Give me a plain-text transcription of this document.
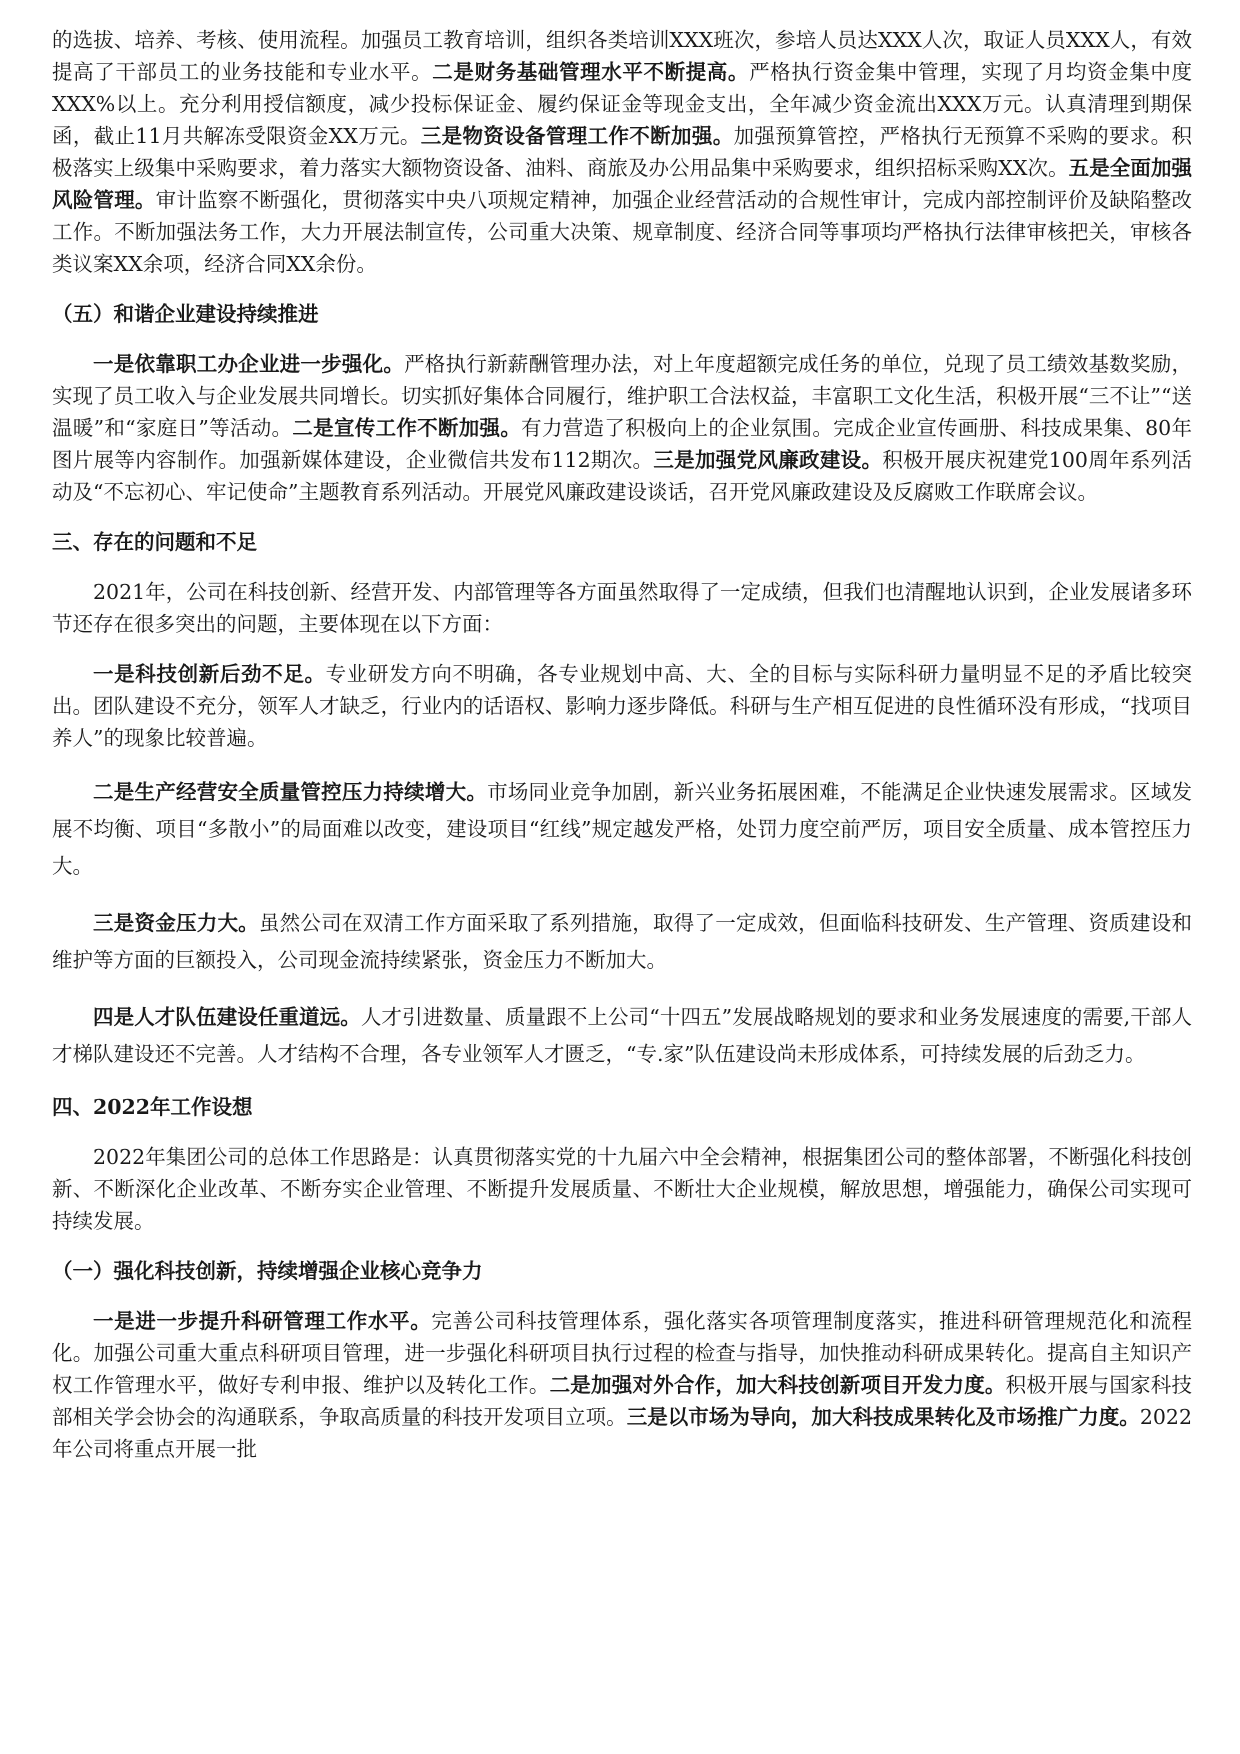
的选拔、培养、考核、使用流程。加强员工教育培训，组织各类培训XXX班次，参培人员达XXX人次，取证人员XXX人，有效提高了干部员工的业务技能和专业水平。二是财务基础管理水平不断提高。严格执行资金集中管理，实现了月均资金集中度XXX%以上。充分利用授信额度，减少投标保证金、履约保证金等现金支出，全年减少资金流出XXX万元。认真清理到期保函，截止11月共解冻受限资金XX万元。三是物资设备管理工作不断加强。加强预算管控，严格执行无预算不采购的要求。积极落实上级集中采购要求，着力落实大额物资设备、油料、商旅及办公用品集中采购要求，组织招标采购XX次。五是全面加强风险管理。审计监察不断强化，贯彻落实中央八项规定精神，加强企业经营活动的合规性审计，完成内部控制评价及缺陷整改工作。不断加强法务工作，大力开展法制宣传，公司重大决策、规章制度、经济合同等事项均严格执行法律审核把关，审核各类议案XX余项，经济合同XX余份。

（五）和谐企业建设持续推进

一是依靠职工办企业进一步强化。严格执行新薪酬管理办法，对上年度超额完成任务的单位，兑现了员工绩效基数奖励，实现了员工收入与企业发展共同增长。切实抓好集体合同履行，维护职工合法权益，丰富职工文化生活，积极开展“三不让”“送温暖”和“家庭日”等活动。二是宣传工作不断加强。有力营造了积极向上的企业氛围。完成企业宣传画册、科技成果集、80年图片展等内容制作。加强新媒体建设，企业微信共发布112期次。三是加强党风廉政建设。积极开展庆祝建党100周年系列活动及“不忘初心、牢记使命”主题教育系列活动。开展党风廉政建设谈话，召开党风廉政建设及反腐败工作联席会议。

三、存在的问题和不足

2021年，公司在科技创新、经营开发、内部管理等各方面虽然取得了一定成绩，但我们也清醒地认识到，企业发展诸多环节还存在很多突出的问题，主要体现在以下方面：

一是科技创新后劲不足。专业研发方向不明确，各专业规划中高、大、全的目标与实际科研力量明显不足的矛盾比较突出。团队建设不充分，领军人才缺乏，行业内的话语权、影响力逐步降低。科研与生产相互促进的良性循环没有形成，“找项目养人”的现象比较普遍。

二是生产经营安全质量管控压力持续增大。市场同业竞争加剧，新兴业务拓展困难，不能满足企业快速发展需求。区域发展不均衡、项目“多散小”的局面难以改变，建设项目“红线”规定越发严格，处罚力度空前严厉，项目安全质量、成本管控压力大。

三是资金压力大。虽然公司在双清工作方面采取了系列措施，取得了一定成效，但面临科技研发、生产管理、资质建设和维护等方面的巨额投入，公司现金流持续紧张，资金压力不断加大。

四是人才队伍建设任重道远。人才引进数量、质量跟不上公司“十四五”发展战略规划的要求和业务发展速度的需要,干部人才梯队建设还不完善。人才结构不合理，各专业领军人才匮乏，“专.家”队伍建设尚未形成体系，可持续发展的后劲乏力。

四、2022年工作设想

2022年集团公司的总体工作思路是：认真贯彻落实党的十九届六中全会精神，根据集团公司的整体部署，不断强化科技创新、不断深化企业改革、不断夯实企业管理、不断提升发展质量、不断壮大企业规模，解放思想，增强能力，确保公司实现可持续发展。

（一）强化科技创新，持续增强企业核心竞争力

一是进一步提升科研管理工作水平。完善公司科技管理体系，强化落实各项管理制度落实，推进科研管理规范化和流程化。加强公司重大重点科研项目管理，进一步强化科研项目执行过程的检查与指导，加快推动科研成果转化。提高自主知识产权工作管理水平，做好专利申报、维护以及转化工作。二是加强对外合作，加大科技创新项目开发力度。积极开展与国家科技部相关学会协会的沟通联系，争取高质量的科技开发项目立项。三是以市场为导向，加大科技成果转化及市场推广力度。2022年公司将重点开展一批
